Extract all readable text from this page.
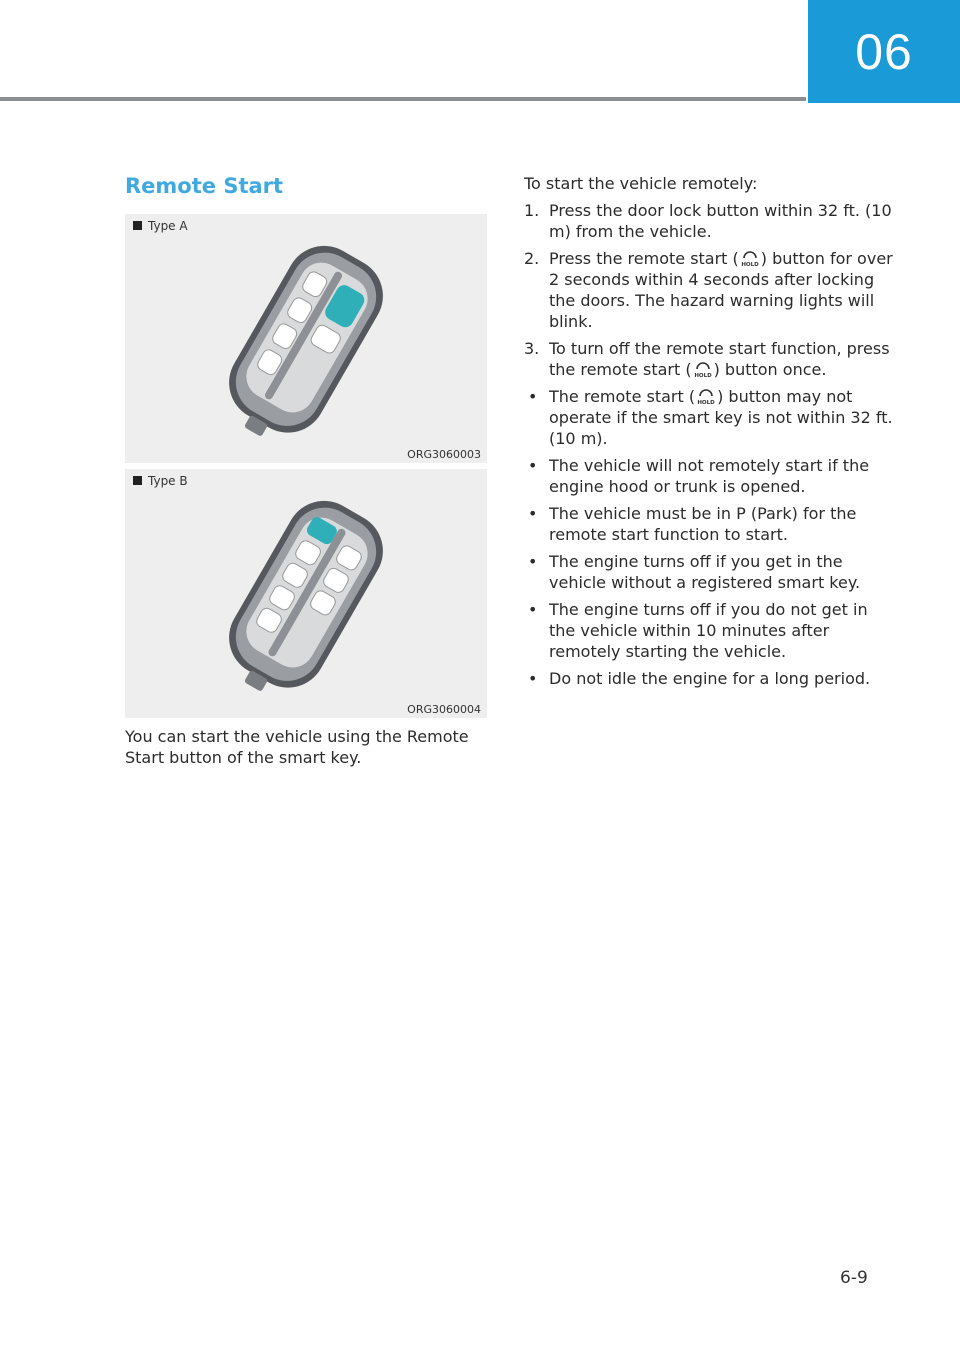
06
Remote Start
Type A
ORG3060003
Type B
ORG3060004
You can start the vehicle using the Remote Start button of the smart key.

To start the vehicle remotely:

1. Press the door lock button within 32 ft. (10 m) from the vehicle.
2. Press the remote start ( HOLD ) button for over 2 seconds within 4 seconds after locking the doors. The hazard warning lights will blink.
3. To turn off the remote start function, press the remote start ( HOLD ) button once.
• The remote start ( HOLD ) button may not operate if the smart key is not within 32 ft. (10 m).
• The vehicle will not remotely start if the engine hood or trunk is opened.
• The vehicle must be in P (Park) for the remote start function to start.
• The engine turns off if you get in the vehicle without a registered smart key.
• The engine turns off if you do not get in the vehicle within 10 minutes after remotely starting the vehicle.
• Do not idle the engine for a long period.
6-9
